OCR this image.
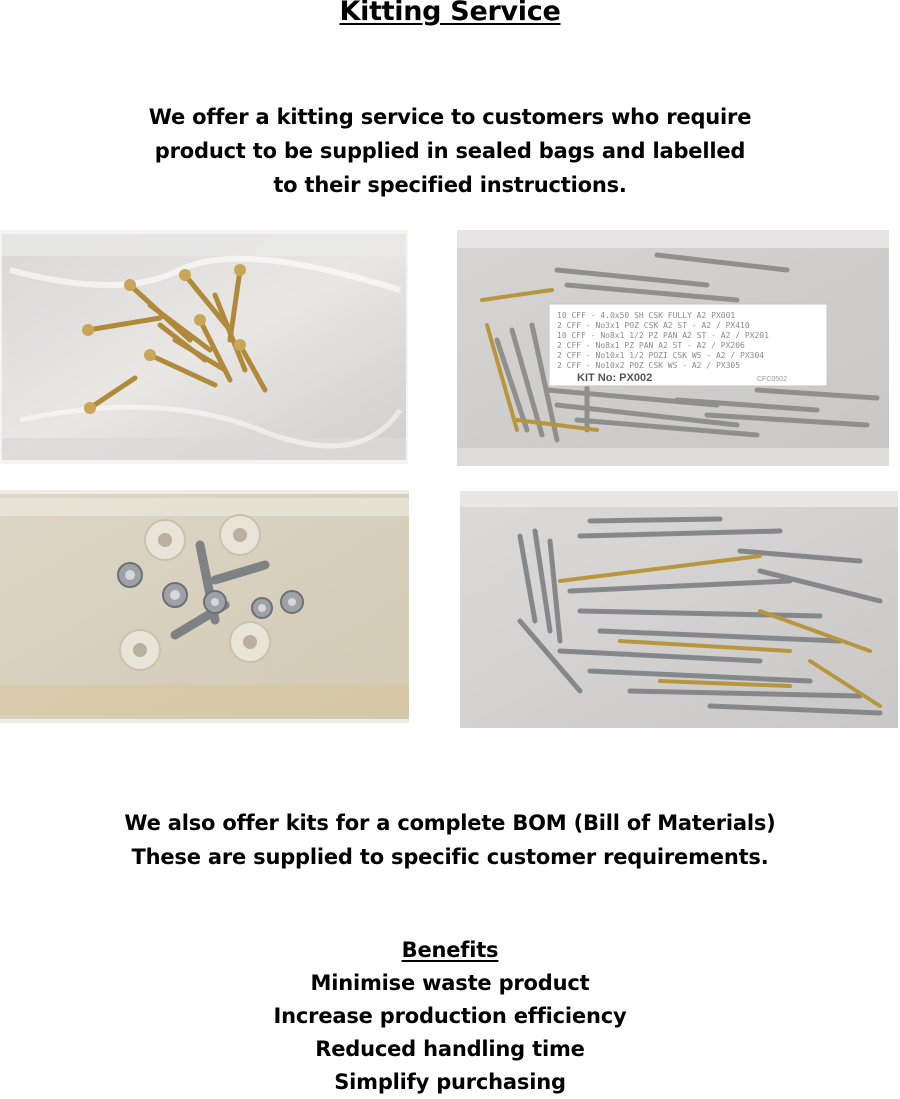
Kitting Service
We offer a kitting service to customers who require
product to be supplied in sealed bags and labelled
to their specified instructions.
10 CFF - 4.0x50 SH CSK FULLY A2 PX001
2 CFF - No3x1 POZ CSK A2 ST - A2 / PX410
10 CFF - No8x1 1/2 PZ PAN A2 ST - A2 / PX201
2 CFF - No8x1 PZ PAN A2 ST - A2 / PX206
2 CFF - No10x1 1/2 POZI CSK WS - A2 / PX304
2 CFF - No10x2 POZ CSK WS - A2 / PX305
KIT No: PX002	CFC0502
We also offer kits for a complete BOM (Bill of Materials)
These are supplied to specific customer requirements.
Benefits
Minimise waste product
Increase production efficiency
Reduced handling time
Simplify purchasing
